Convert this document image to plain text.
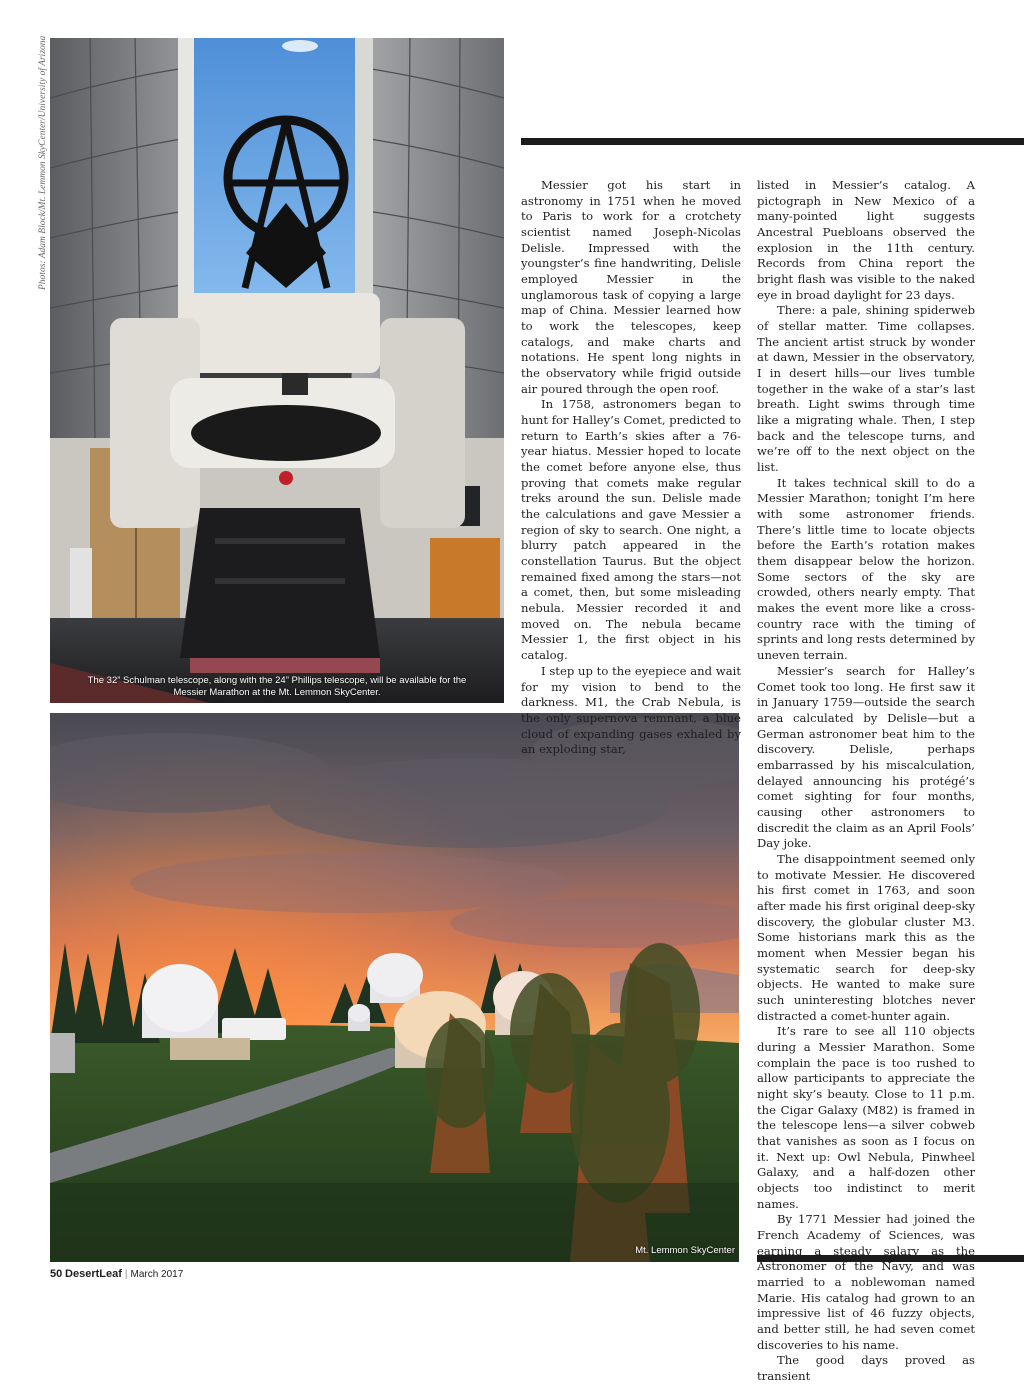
Photos: Adam Block/Mt. Lemmon SkyCenter/University of Arizona
The 32” Schulman telescope, along with the 24” Phillips telescope, will be available for the
Messier Marathon at the Mt. Lemmon SkyCenter.
Mt. Lemmon SkyCenter

Messier got his start in astronomy in 1751 when he moved to Paris to work for a crotchety scientist named Joseph-Nicolas Delisle. Impressed with the youngster’s fine handwriting, Delisle employed Messier in the unglamorous task of copying a large map of China. Messier learned how to work the telescopes, keep catalogs, and make charts and notations. He spent long nights in the observatory while frigid outside air poured through the open roof.

In 1758, astronomers began to hunt for Halley’s Comet, predicted to return to Earth’s skies after a 76-year hiatus. Messier hoped to locate the comet before anyone else, thus proving that comets make regular treks around the sun. Delisle made the calculations and gave Messier a region of sky to search. One night, a blurry patch appeared in the constellation Taurus. But the object remained fixed among the stars—not a comet, then, but some misleading nebula. Messier recorded it and moved on. The nebula became Messier 1, the first object in his catalog.

I step up to the eyepiece and wait for my vision to bend to the darkness. M1, the Crab Nebula, is the only supernova remnant, a blue cloud of expanding gases exhaled by an exploding star,

listed in Messier’s catalog. A pictograph in New Mexico of a many-pointed light suggests Ancestral Puebloans observed the explosion in the 11th century. Records from China report the bright flash was visible to the naked eye in broad daylight for 23 days.

There: a pale, shining spiderweb of stellar matter. Time collapses. The ancient artist struck by wonder at dawn, Messier in the observatory, I in desert hills—our lives tumble together in the wake of a star’s last breath. Light swims through time like a migrating whale. Then, I step back and the telescope turns, and we’re off to the next object on the list.

It takes technical skill to do a Messier Marathon; tonight I’m here with some astronomer friends. There’s little time to locate objects before the Earth’s rotation makes them disappear below the horizon. Some sectors of the sky are crowded, others nearly empty. That makes the event more like a cross-country race with the timing of sprints and long rests determined by uneven terrain.

Messier’s search for Halley’s Comet took too long. He first saw it in January 1759—outside the search area calculated by Delisle—but a German astronomer beat him to the discovery. Delisle, perhaps embarrassed by his miscalculation, delayed announcing his protégé’s comet sighting for four months, causing other astronomers to discredit the claim as an April Fools’ Day joke.

The disappointment seemed only to motivate Messier. He discovered his first comet in 1763, and soon after made his first original deep-sky discovery, the globular cluster M3. Some historians mark this as the moment when Messier began his systematic search for deep-sky objects. He wanted to make sure such uninteresting blotches never distracted a comet-hunter again.

It’s rare to see all 110 objects during a Messier Marathon. Some complain the pace is too rushed to allow participants to appreciate the night sky’s beauty. Close to 11 p.m. the Cigar Galaxy (M82) is framed in the telescope lens—a silver cobweb that vanishes as soon as I focus on it. Next up: Owl Nebula, Pinwheel Galaxy, and a half-dozen other objects too indistinct to merit names.

By 1771 Messier had joined the French Academy of Sciences, was earning a steady salary as the Astronomer of the Navy, and was married to a noblewoman named Marie. His catalog had grown to an impressive list of 46 fuzzy objects, and better still, he had seven comet discoveries to his name.

The good days proved as transient

50 DesertLeaf | March 2017
